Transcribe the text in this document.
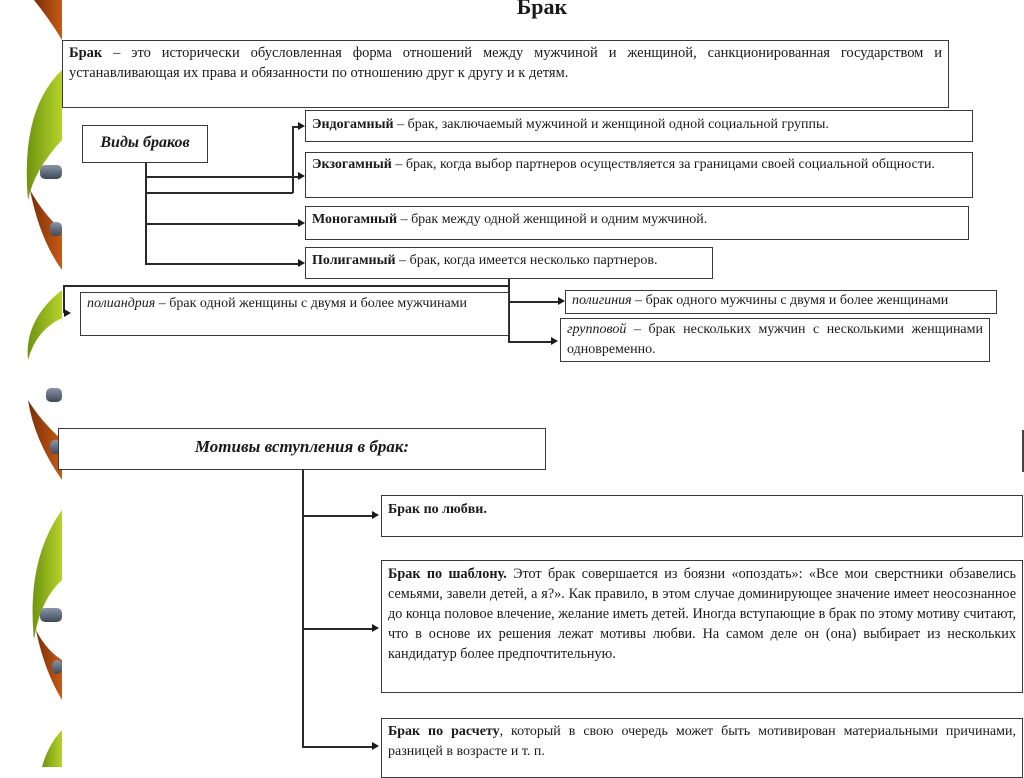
Брак
Брак – это исторически обусловленная форма отношений между мужчиной и женщиной, санкционированная государством и устанавливающая их права и обязанности по отношению друг к другу и к детям.
Виды браков
Эндогамный – брак, заключаемый мужчиной и женщиной одной социальной группы.
Экзогамный – брак, когда выбор партнеров осуществляется за границами своей социальной общности.
Моногамный – брак между одной женщиной и одним мужчиной.
Полигамный – брак, когда имеется несколько партнеров.
полиандрия – брак одной женщины с двумя и более мужчинами	полигиния – брак одного мужчины с двумя и более женщинами
групповой – брак нескольких мужчин с несколькими женщинами одновременно.
Мотивы вступления в брак:
Брак по любви.
Брак по шаблону. Этот брак совершается из боязни «опоздать»: «Все мои сверстники обзавелись семьями, завели детей, а я?». Как правило, в этом случае доминирующее значение имеет неосознанное до конца половое влечение, желание иметь детей. Иногда вступающие в брак по этому мотиву считают, что в основе их решения лежат мотивы любви. На самом деле он (она) выбирает из нескольких кандидатур более предпочтительную.
Брак по расчету, который в свою очередь может быть мотивирован материальными причинами, разницей в возрасте и т. п.
